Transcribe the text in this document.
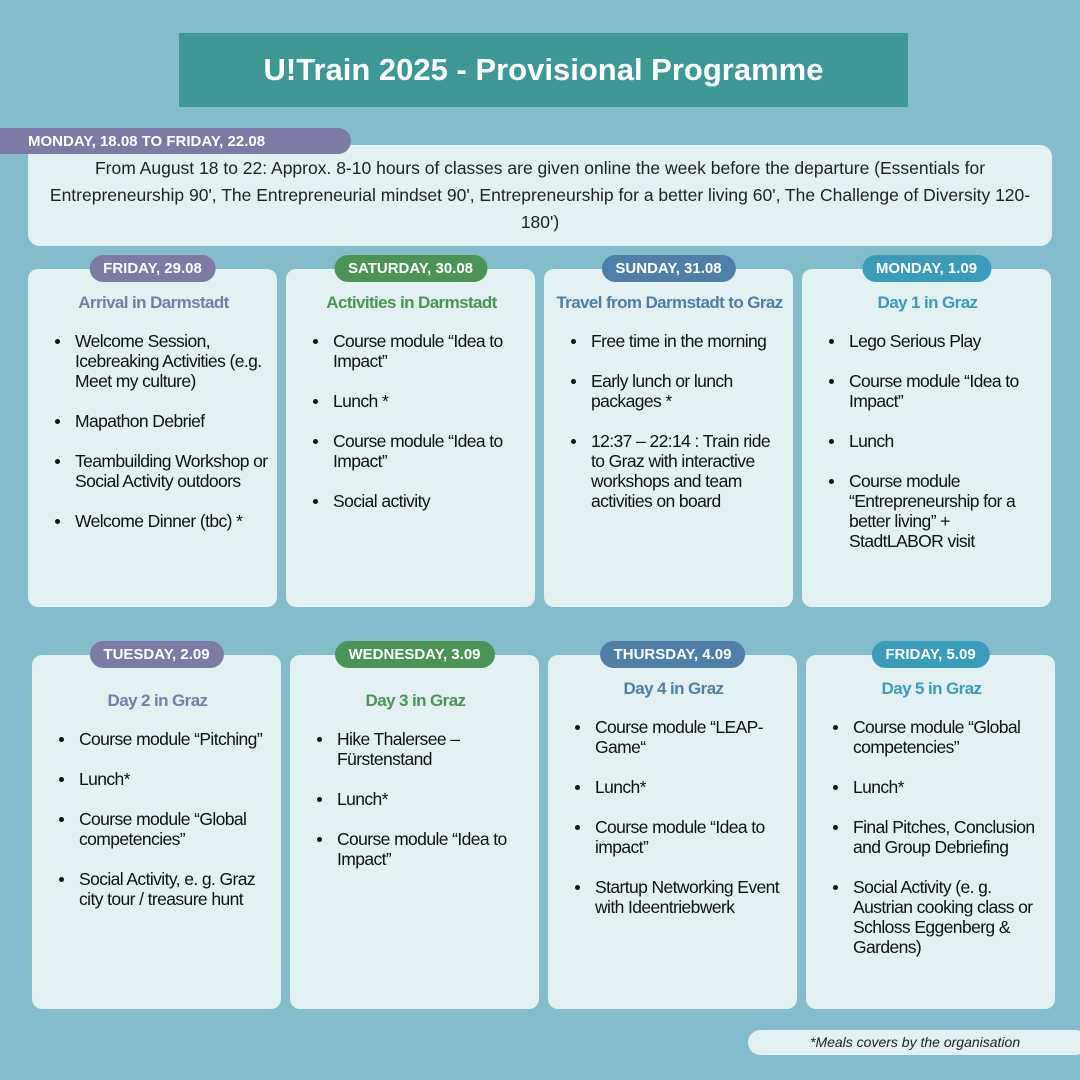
U!Train 2025 - Provisional Programme
From August 18 to 22: Approx. 8-10 hours of classes are given online the week before the departure (Essentials for Entrepreneurship 90', The Entrepreneurial mindset 90', Entrepreneurship for a better living 60', The Challenge of Diversity 120-180')
MONDAY, 18.08 TO FRIDAY, 22.08
FRIDAY, 29.08
Arrival in Darmstadt
Welcome Session, Icebreaking Activities (e.g. Meet my culture)
Mapathon Debrief
Teambuilding Workshop or Social Activity outdoors
Welcome Dinner (tbc) *
SATURDAY, 30.08
Activities in Darmstadt
Course module “Idea to Impact”
Lunch *
Course module “Idea to Impact”
Social activity
SUNDAY, 31.08
Travel from Darmstadt to Graz
Free time in the morning
Early lunch or lunch packages *
12:37 – 22:14 : Train ride to Graz with interactive workshops and team activities on board
MONDAY, 1.09
Day 1 in Graz
Lego Serious Play
Course module “Idea to Impact”
Lunch
Course module “Entrepreneurship for a better living” + StadtLABOR visit
TUESDAY, 2.09
Day 2 in Graz
Course module “Pitching”
Lunch*
Course module “Global competencies”
Social Activity, e. g. Graz city tour / treasure hunt
WEDNESDAY, 3.09
Day 3 in Graz
Hike Thalersee – Fürstenstand
Lunch*
Course module “Idea to Impact”
THURSDAY, 4.09
Day 4 in Graz
Course module “LEAP-Game“
Lunch*
Course module “Idea to impact”
Startup Networking Event with Ideentriebwerk
FRIDAY, 5.09
Day 5 in Graz
Course module “Global competencies”
Lunch*
Final Pitches, Conclusion and Group Debriefing
Social Activity (e. g. Austrian cooking class or Schloss Eggenberg & Gardens)
*Meals covers by the organisation
